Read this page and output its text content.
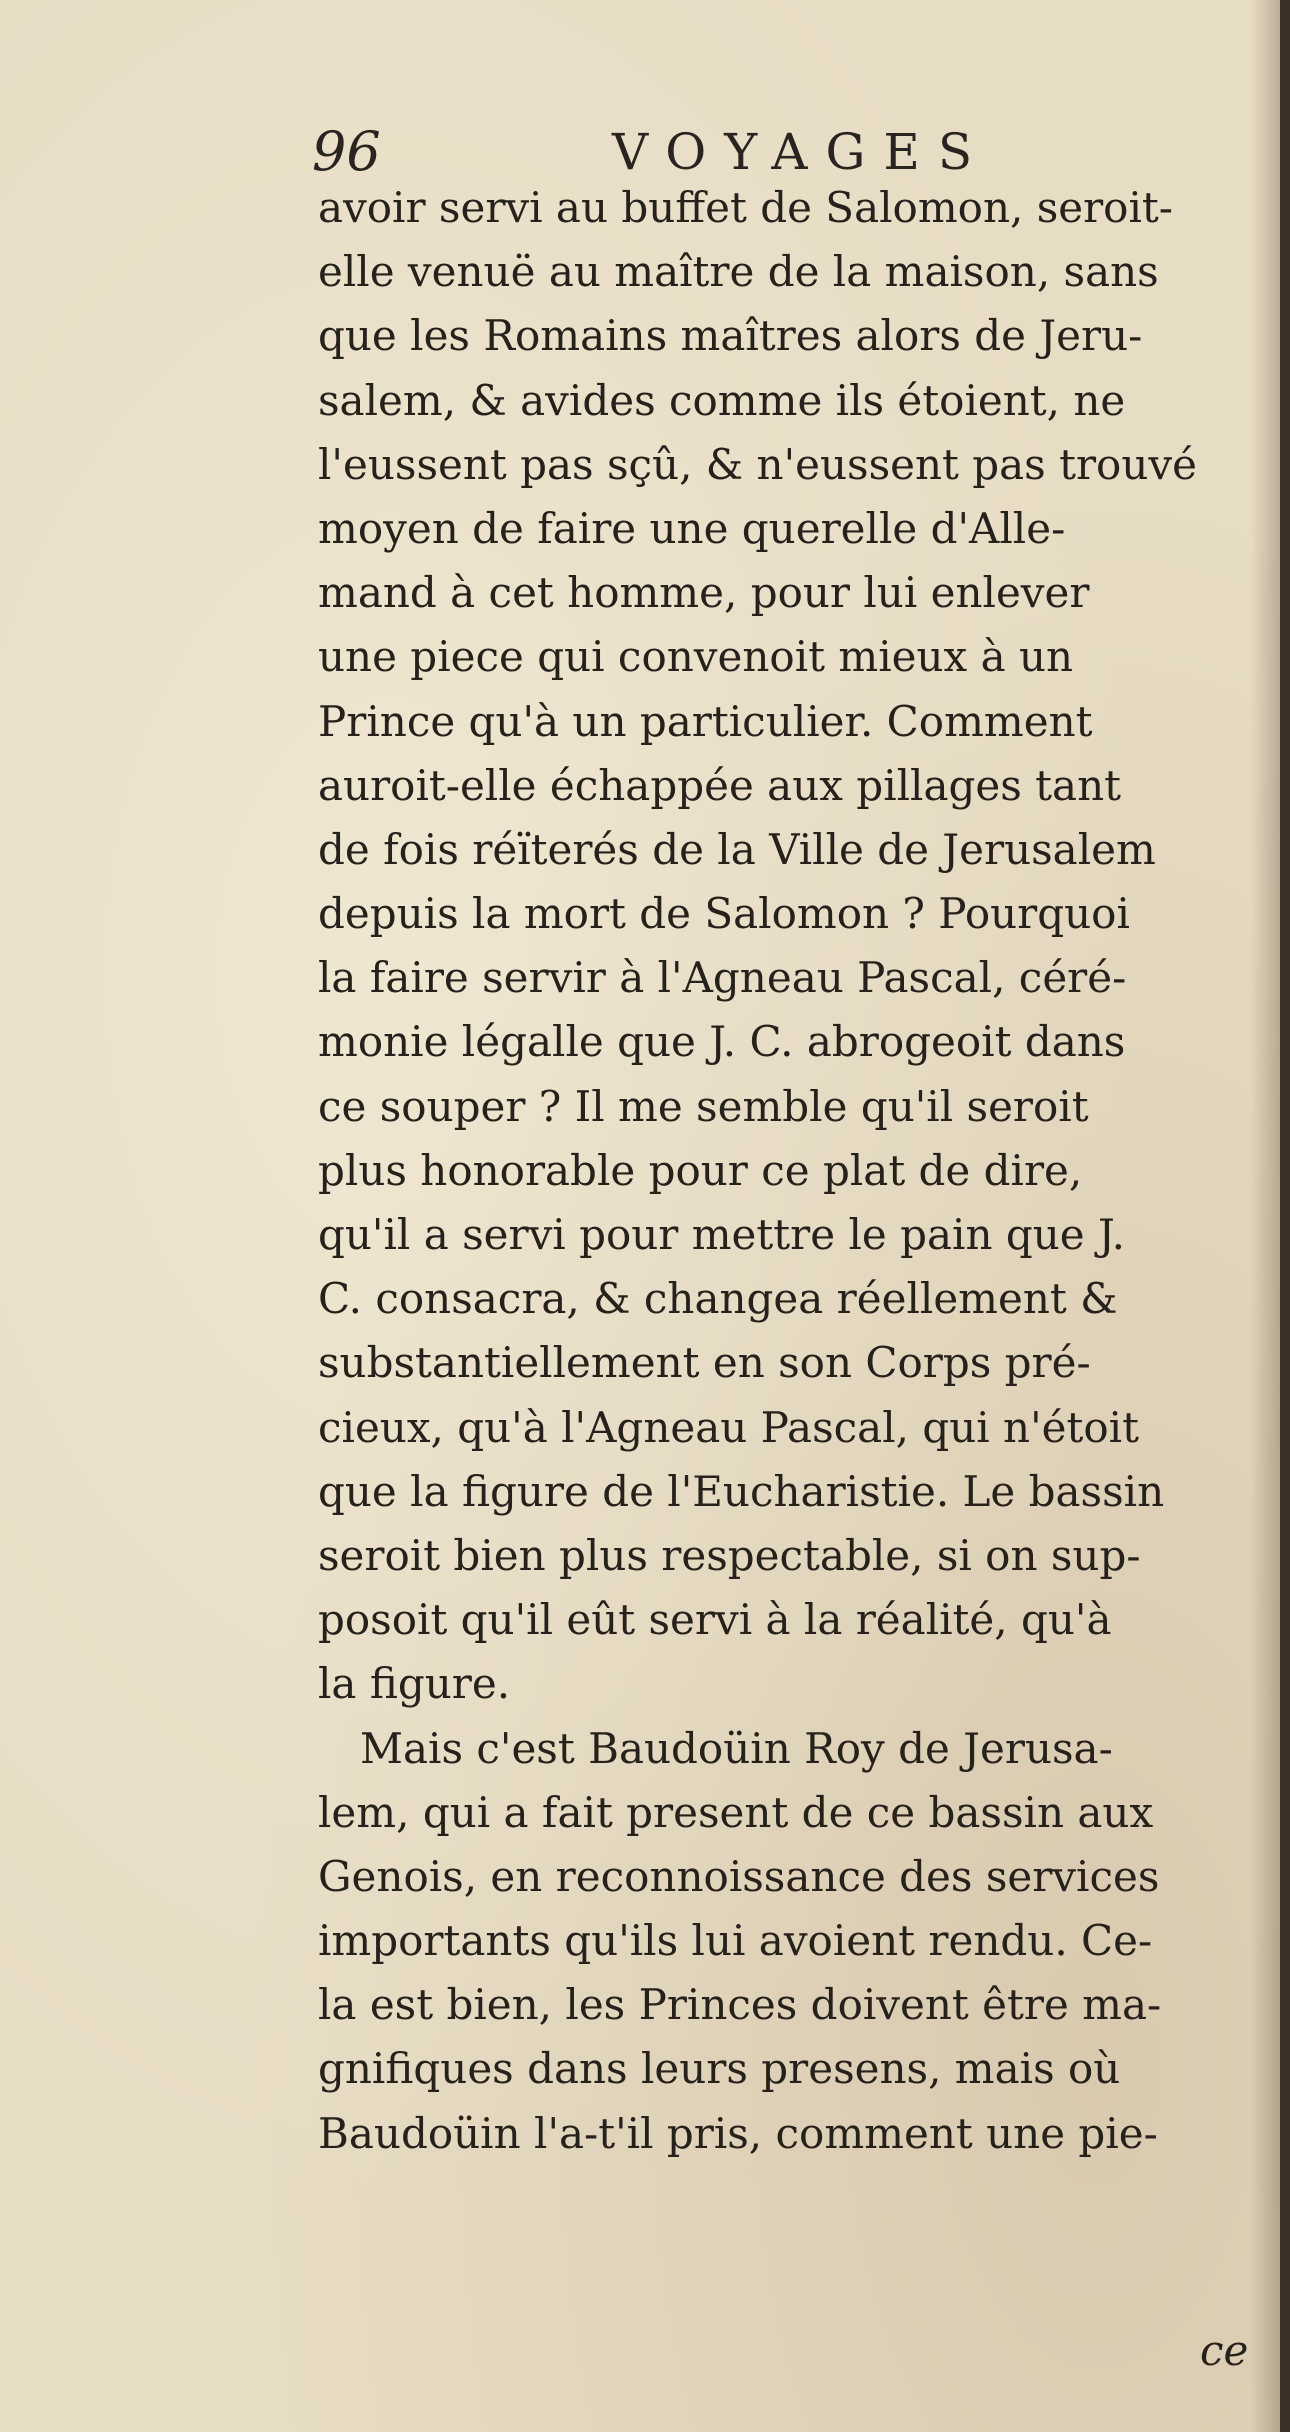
96	VOYAGES
avoir servi au buffet de Salomon, seroit-
elle venuë au maître de la maison, sans
que les Romains maîtres alors de Jeru-
salem, & avides comme ils étoient, ne
l'eussent pas sçû, & n'eussent pas trouvé
moyen de faire une querelle d'Alle-
mand à cet homme, pour lui enlever
une piece qui convenoit mieux à un
Prince qu'à un particulier. Comment
auroit-elle échappée aux pillages tant
de fois réïterés de la Ville de Jerusalem
depuis la mort de Salomon ? Pourquoi
la faire servir à l'Agneau Pascal, céré-
monie légalle que J. C. abrogeoit dans
ce souper ? Il me semble qu'il seroit
plus honorable pour ce plat de dire,
qu'il a servi pour mettre le pain que J.
C. consacra, & changea réellement &
substantiellement en son Corps pré-
cieux, qu'à l'Agneau Pascal, qui n'étoit
que la figure de l'Eucharistie. Le bassin
seroit bien plus respectable, si on sup-
posoit qu'il eût servi à la réalité, qu'à
la figure.
Mais c'est Baudoüin Roy de Jerusa-
lem, qui a fait present de ce bassin aux
Genois, en reconnoissance des services
importants qu'ils lui avoient rendu. Ce-
la est bien, les Princes doivent être ma-
gnifiques dans leurs presens, mais où
Baudoüin l'a-t'il pris, comment une pie-
ce
